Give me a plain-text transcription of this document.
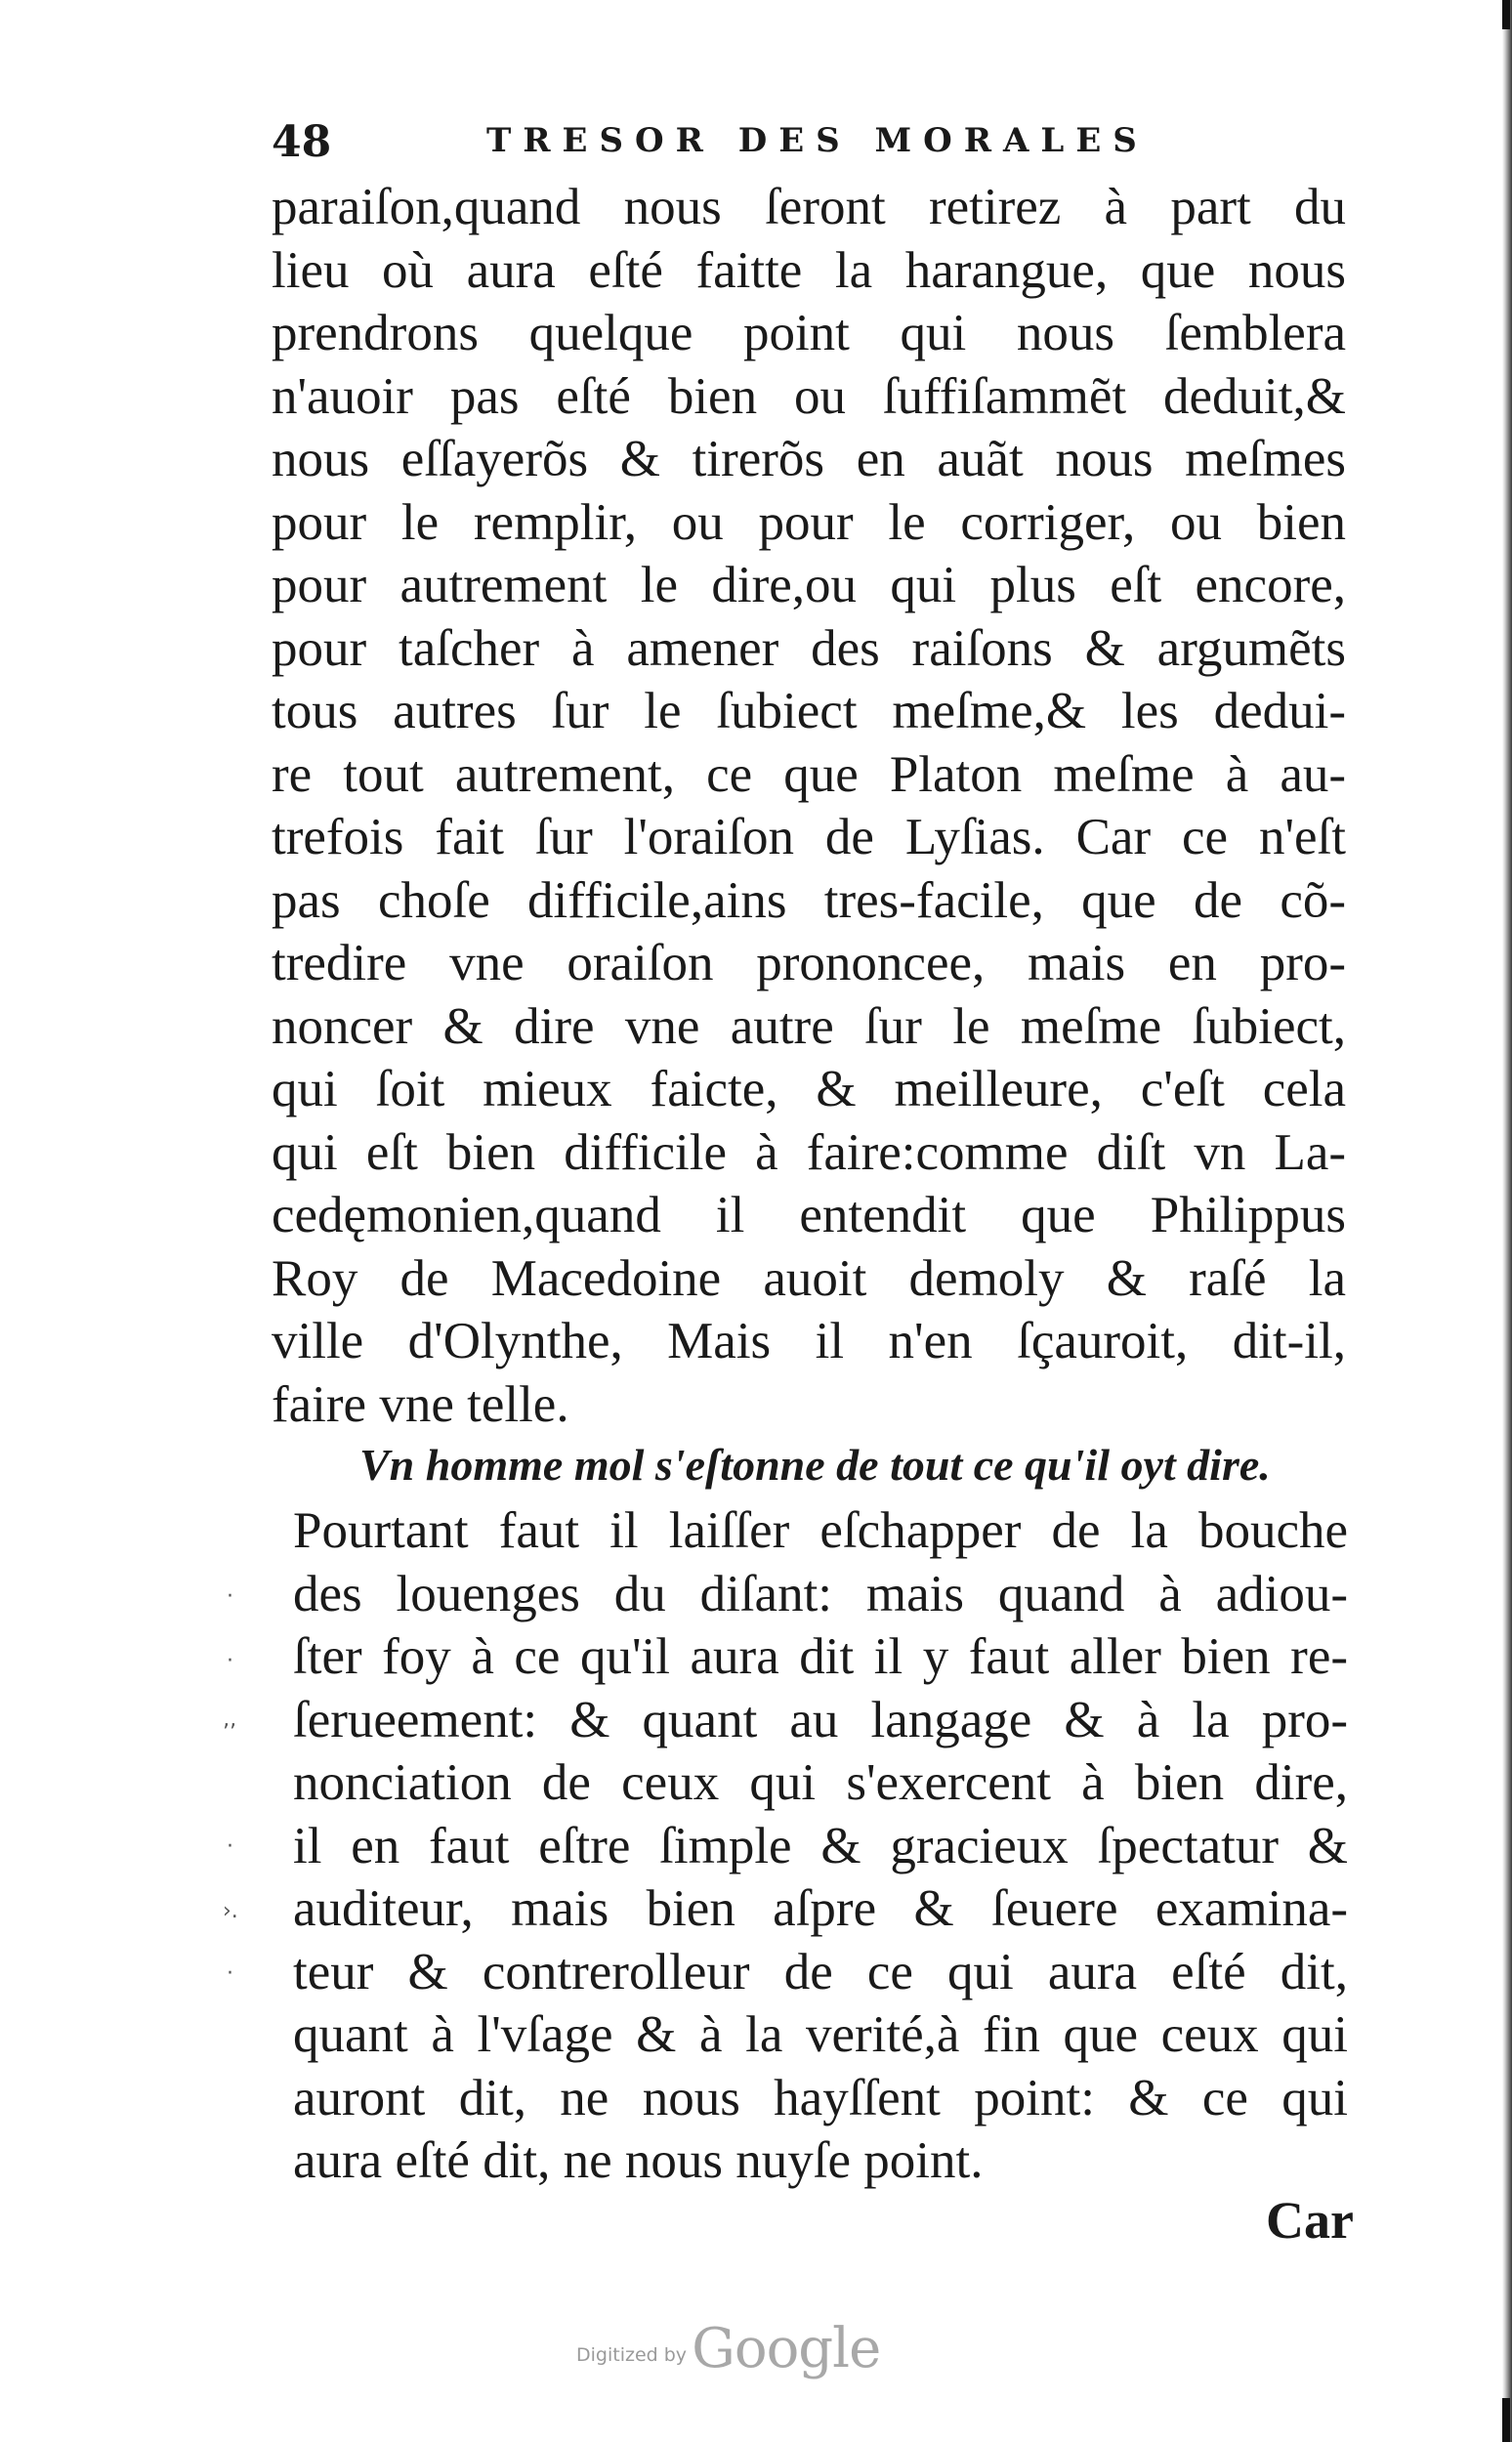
48	TRESOR DES MORALES
paraiſon,quand nous ſeront retirez à part du
lieu où aura eſté faitte la harangue, que nous
prendrons quelque point qui nous ſemblera
n'auoir pas eſté bien ou ſuffiſammẽt deduit,&
nous eſſayerõs & tirerõs en auãt nous meſmes
pour le remplir, ou pour le corriger, ou bien
pour autrement le dire,ou qui plus eſt encore,
pour taſcher à amener des raiſons & argumẽts
tous autres ſur le ſubiect meſme,& les dedui-
re tout autrement, ce que Platon meſme à au-
trefois fait ſur l'oraiſon de Lyſias. Car ce n'eſt
pas choſe difficile,ains tres-facile, que de cõ-
tredire vne oraiſon prononcee, mais en pro-
noncer & dire vne autre ſur le meſme ſubiect,
qui ſoit mieux faicte, & meilleure, c'eſt cela
qui eſt bien difficile à faire:comme diſt vn La-
cedęmonien,quand il entendit que Philippus
Roy de Macedoine auoit demoly & raſé la
ville d'Olynthe, Mais il n'en ſçauroit, dit-il,
faire vne telle.
Vn homme mol s'eſtonne de tout ce qu'il oyt dire.
Pourtant faut il laiſſer eſchapper de la bouche
des louenges du diſant: mais quand à adiou-
ſter foy à ce qu'il aura dit il y faut aller bien re-
ſerueement: & quant au langage & à la pro-
nonciation de ceux qui s'exercent à bien dire,
il en faut eſtre ſimple & gracieux ſpectatur &
auditeur, mais bien aſpre & ſeuere examina-
teur & contrerolleur de ce qui aura eſté dit,
quant à l'vſage & à la verité,à fin que ceux qui
auront dit, ne nous hayſſent point: & ce qui
aura eſté dit, ne nous nuyſe point.
·
·
‚‚
·
›.
·
Car
Digitized by Google
